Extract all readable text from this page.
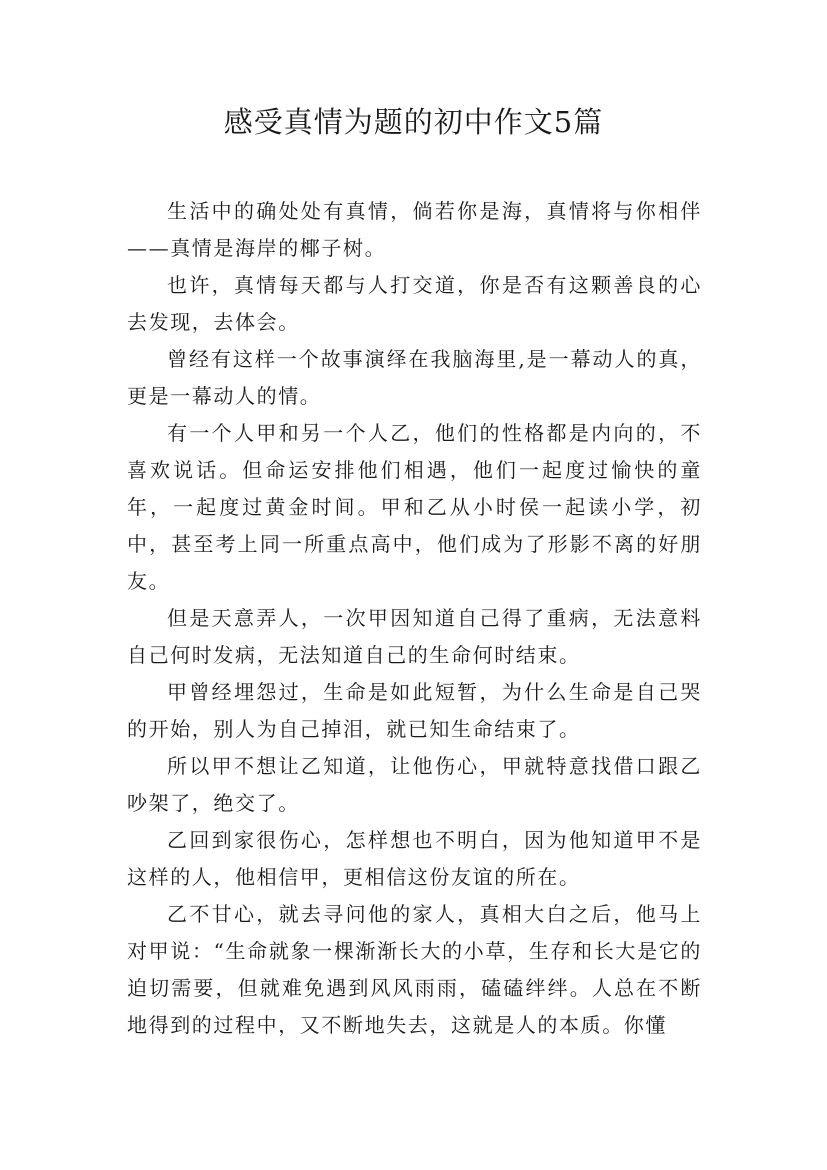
感受真情为题的初中作文5篇

生活中的确处处有真情，倘若你是海，真情将与你相伴——真情是海岸的椰子树。

也许，真情每天都与人打交道，你是否有这颗善良的心去发现，去体会。

曾经有这样一个故事演绎在我脑海里,是一幕动人的真，更是一幕动人的情。

有一个人甲和另一个人乙，他们的性格都是内向的，不喜欢说话。但命运安排他们相遇，他们一起度过愉快的童年，一起度过黄金时间。甲和乙从小时侯一起读小学，初中，甚至考上同一所重点高中，他们成为了形影不离的好朋友。

但是天意弄人，一次甲因知道自己得了重病，无法意料自己何时发病，无法知道自己的生命何时结束。

甲曾经埋怨过，生命是如此短暂，为什么生命是自己哭的开始，别人为自己掉泪，就已知生命结束了。

所以甲不想让乙知道，让他伤心，甲就特意找借口跟乙吵架了，绝交了。

乙回到家很伤心，怎样想也不明白，因为他知道甲不是这样的人，他相信甲，更相信这份友谊的所在。

乙不甘心，就去寻问他的家人，真相大白之后，他马上对甲说：“生命就象一棵渐渐长大的小草，生存和长大是它的迫切需要，但就难免遇到风风雨雨，磕磕绊绊。人总在不断地得到的过程中，又不断地失去，这就是人的本质。你懂
